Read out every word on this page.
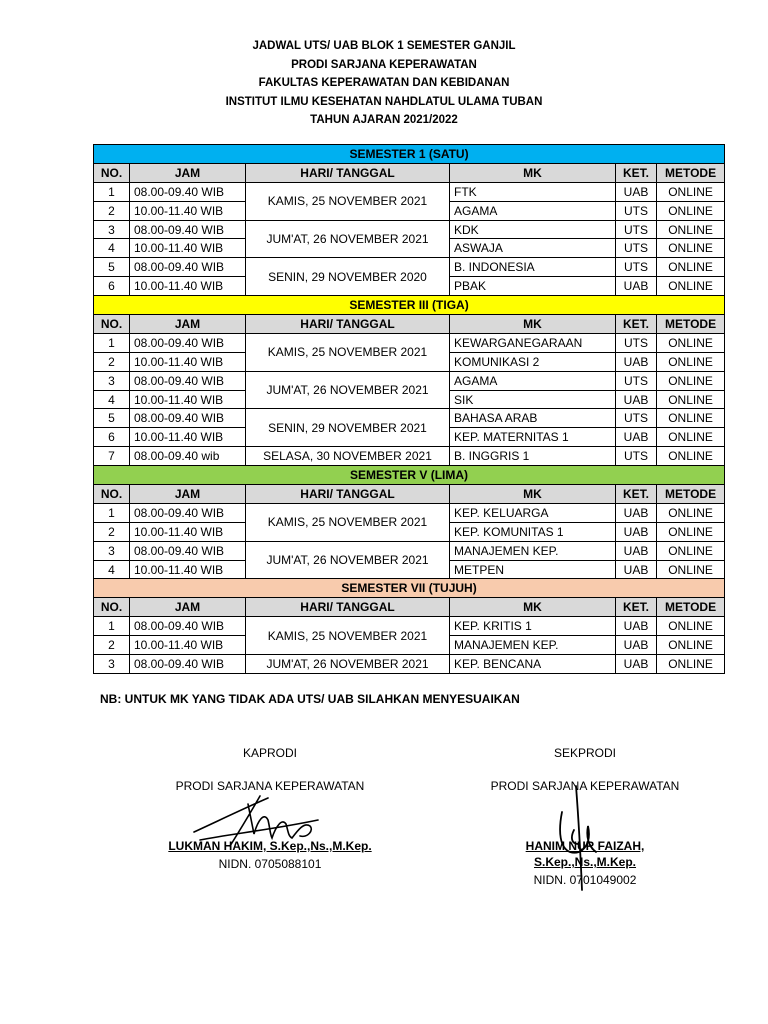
JADWAL UTS/ UAB BLOK 1 SEMESTER GANJIL
PRODI SARJANA KEPERAWATAN
FAKULTAS KEPERAWATAN DAN KEBIDANAN
INSTITUT ILMU KESEHATAN NAHDLATUL ULAMA TUBAN
TAHUN AJARAN 2021/2022
SEMESTER 1 (SATU)					
NO.	JAM	HARI/ TANGGAL	MK	KET.	METODE
1	08.00-09.40 WIB	KAMIS, 25 NOVEMBER 2021	FTK	UAB	ONLINE
2	10.00-11.40 WIB		AGAMA	UTS	ONLINE
3	08.00-09.40 WIB	JUM'AT, 26 NOVEMBER 2021	KDK	UTS	ONLINE
4	10.00-11.40 WIB		ASWAJA	UTS	ONLINE
5	08.00-09.40 WIB	SENIN, 29 NOVEMBER 2020	B. INDONESIA	UTS	ONLINE
6	10.00-11.40 WIB		PBAK	UAB	ONLINE
SEMESTER III (TIGA)					
NO.	JAM	HARI/ TANGGAL	MK	KET.	METODE
1	08.00-09.40 WIB	KAMIS, 25 NOVEMBER 2021	KEWARGANEGARAAN	UTS	ONLINE
2	10.00-11.40 WIB		KOMUNIKASI 2	UAB	ONLINE
3	08.00-09.40 WIB	JUM'AT, 26 NOVEMBER 2021	AGAMA	UTS	ONLINE
4	10.00-11.40 WIB		SIK	UAB	ONLINE
5	08.00-09.40 WIB	SENIN, 29 NOVEMBER 2021	BAHASA ARAB	UTS	ONLINE
6	10.00-11.40 WIB		KEP. MATERNITAS 1	UAB	ONLINE
7	08.00-09.40 wib	SELASA, 30 NOVEMBER 2021	B. INGGRIS 1	UTS	ONLINE
SEMESTER V (LIMA)					
NO.	JAM	HARI/ TANGGAL	MK	KET.	METODE
1	08.00-09.40 WIB	KAMIS, 25 NOVEMBER 2021	KEP. KELUARGA	UAB	ONLINE
2	10.00-11.40 WIB		KEP. KOMUNITAS 1	UAB	ONLINE
3	08.00-09.40 WIB	JUM'AT, 26 NOVEMBER 2021	MANAJEMEN KEP.	UAB	ONLINE
4	10.00-11.40 WIB		METPEN	UAB	ONLINE
SEMESTER VII (TUJUH)					
NO.	JAM	HARI/ TANGGAL	MK	KET.	METODE
1	08.00-09.40 WIB	KAMIS, 25 NOVEMBER 2021	KEP. KRITIS 1	UAB	ONLINE
2	10.00-11.40 WIB		MANAJEMEN KEP.	UAB	ONLINE
3	08.00-09.40 WIB	JUM'AT, 26 NOVEMBER 2021	KEP. BENCANA	UAB	ONLINE
NB: UNTUK MK YANG TIDAK ADA UTS/ UAB SILAHKAN MENYESUAIKAN
KAPRODI
PRODI SARJANA KEPERAWATAN
LUKMAN HAKIM, S.Kep.,Ns.,M.Kep.
NIDN. 0705088101
SEKPRODI
PRODI SARJANA KEPERAWATAN
HANIM NUR FAIZAH, S.Kep.,Ns.,M.Kep.
NIDN. 0701049002
